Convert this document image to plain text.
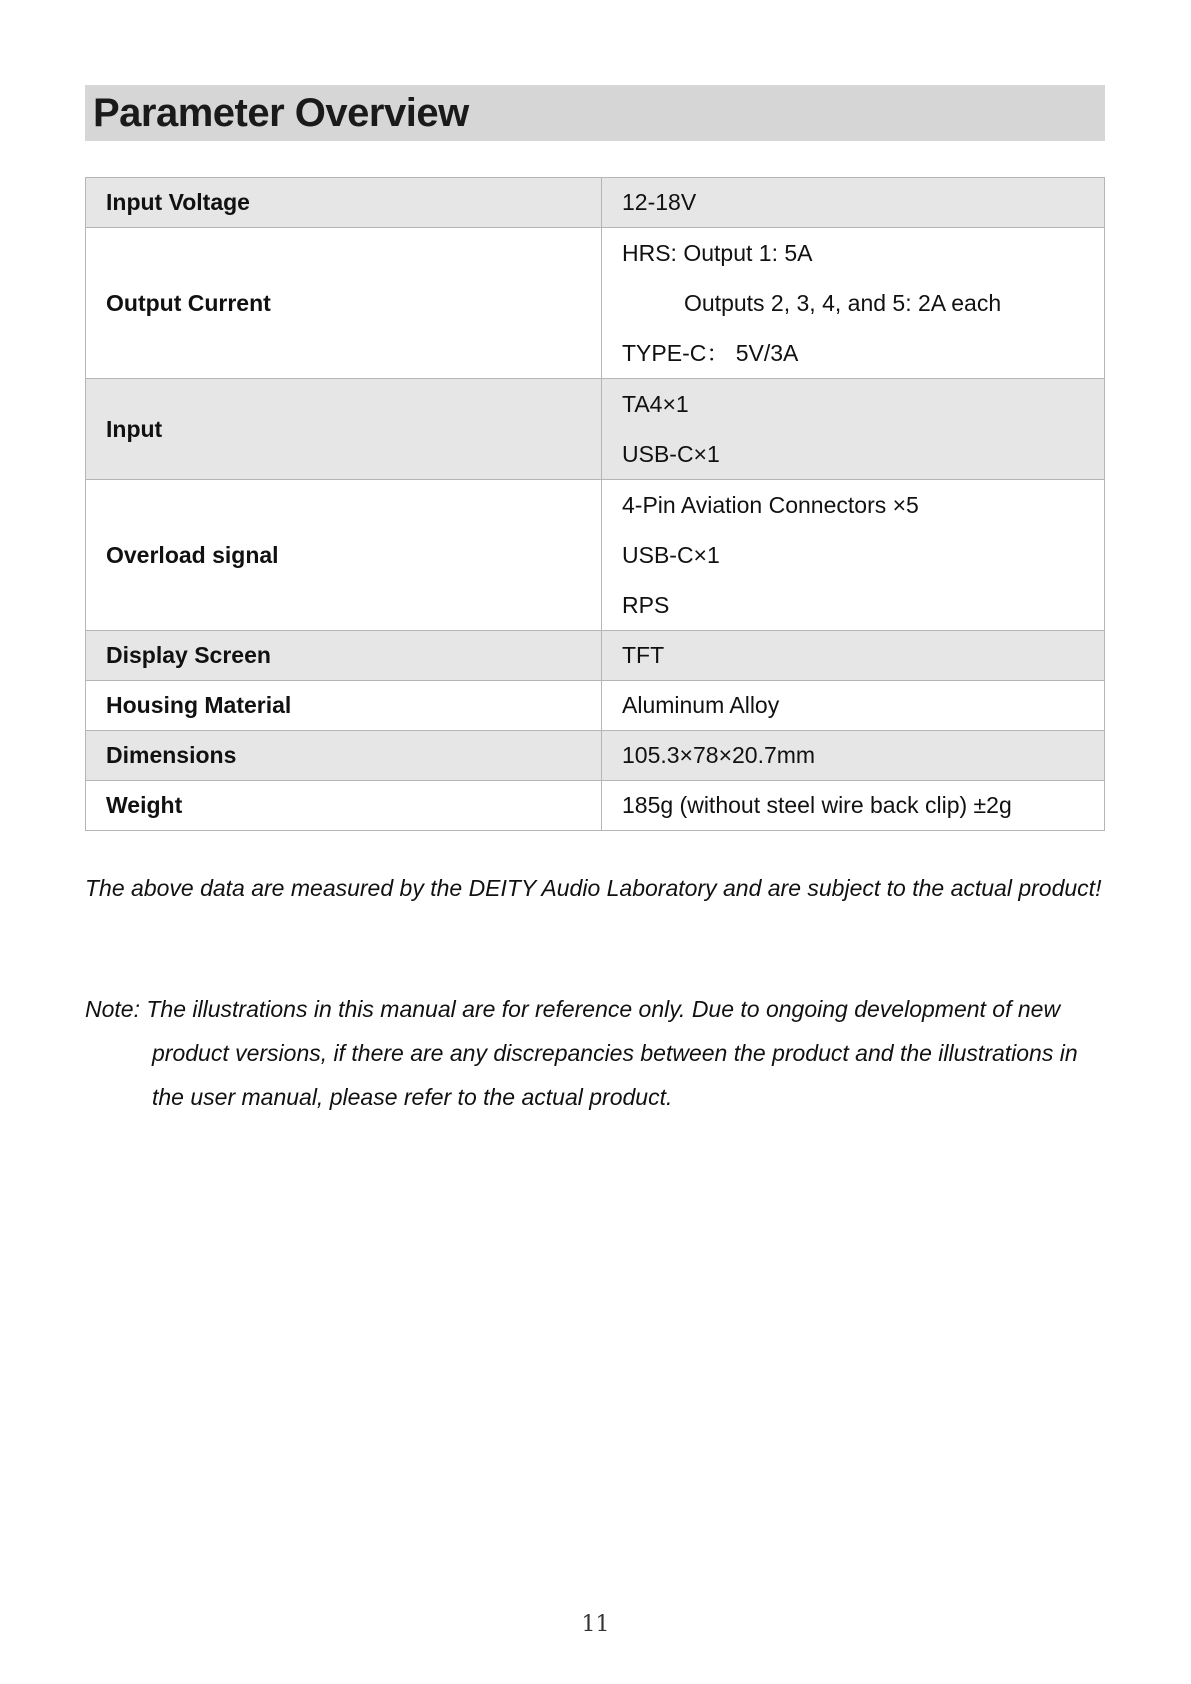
Parameter Overview
Input Voltage	12-18V

Output Current	HRS: Output 1: 5A
Outputs 2, 3, 4, and 5: 2A each
TYPE-C： 5V/3A

Input	TA4×1
USB-C×1

Overload signal	4-Pin Aviation Connectors ×5
USB-C×1
RPS

Display Screen	TFT

Housing Material	Aluminum Alloy

Dimensions	105.3×78×20.7mm

Weight	185g (without steel wire back clip) ±2g
The above data are measured by the DEITY Audio Laboratory and are subject to the actual product!
Note: The illustrations in this manual are for reference only. Due to ongoing development of new product versions, if there are any discrepancies between the product and the illustrations in the user manual, please refer to the actual product.
11
